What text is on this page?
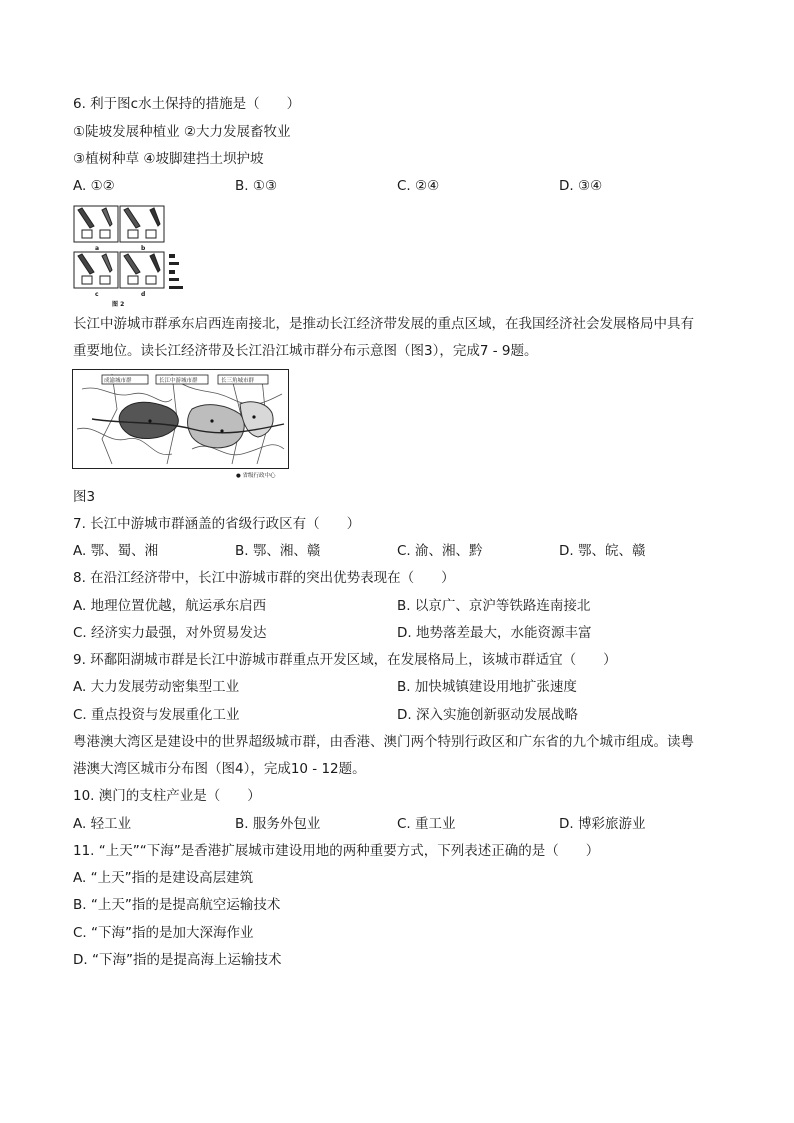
6. 利于图c水土保持的措施是（　　）
①陡坡发展种植业 ②大力发展畜牧业
③植树种草 ④坡脚建挡土坝护坡
A. ①②	B. ①③	C. ②④	D. ③④
a	b
c	d
图 2
长江中游城市群承东启西连南接北，是推动长江经济带发展的重点区域，在我国经济社会发展格局中具有
重要地位。读长江经济带及长江沿江城市群分布示意图（图3），完成7 - 9题。
成渝城市群	长江中游城市群	长三角城市群
● 省级行政中心
图3
7. 长江中游城市群涵盖的省级行政区有（　　）
A. 鄂、蜀、湘	B. 鄂、湘、赣	C. 渝、湘、黔	D. 鄂、皖、赣
8. 在沿江经济带中，长江中游城市群的突出优势表现在（　　）
A. 地理位置优越，航运承东启西	B. 以京广、京沪等铁路连南接北
C. 经济实力最强，对外贸易发达	D. 地势落差最大，水能资源丰富
9. 环鄱阳湖城市群是长江中游城市群重点开发区域，在发展格局上，该城市群适宜（　　）
A. 大力发展劳动密集型工业	B. 加快城镇建设用地扩张速度
C. 重点投资与发展重化工业	D. 深入实施创新驱动发展战略
粤港澳大湾区是建设中的世界超级城市群，由香港、澳门两个特别行政区和广东省的九个城市组成。读粤
港澳大湾区城市分布图（图4），完成10 - 12题。
10. 澳门的支柱产业是（　　）
A. 轻工业	B. 服务外包业	C. 重工业	D. 博彩旅游业
11. “上天”“下海”是香港扩展城市建设用地的两种重要方式，下列表述正确的是（　　）
A. “上天”指的是建设高层建筑
B. “上天”指的是提高航空运输技术
C. “下海”指的是加大深海作业
D. “下海”指的是提高海上运输技术
